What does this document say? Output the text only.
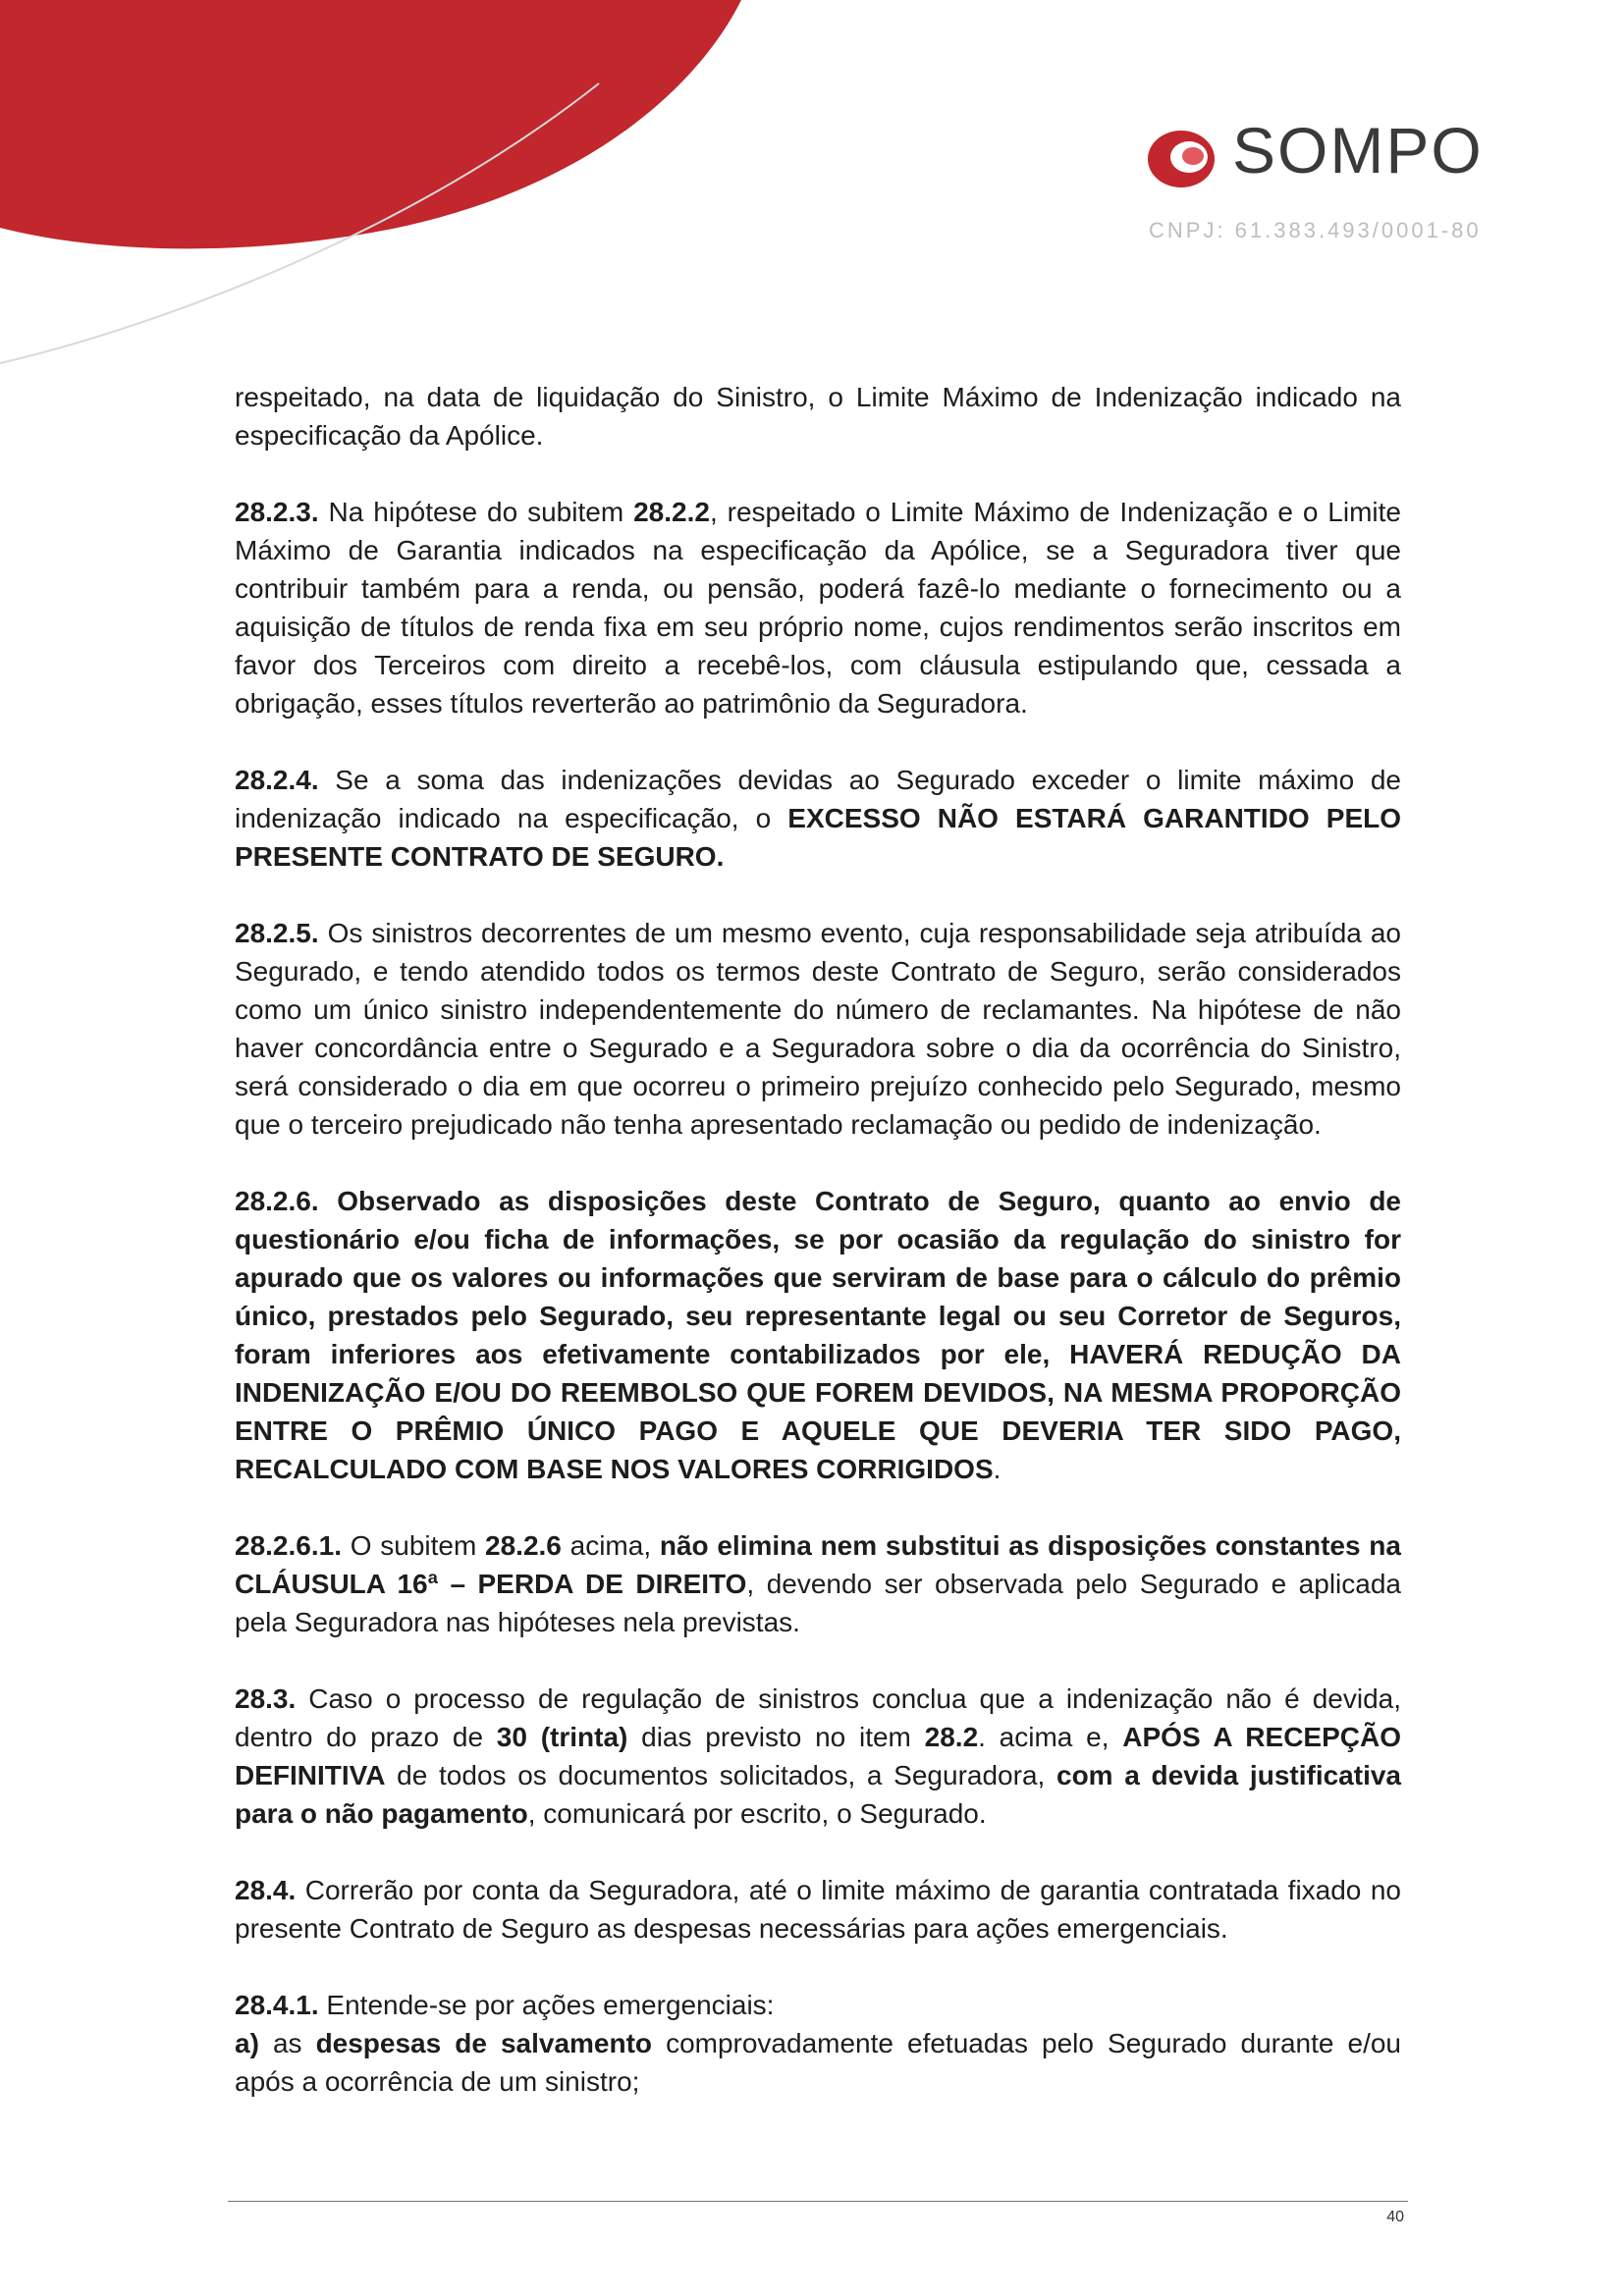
SOMPO
CNPJ: 61.383.493/0001-80

respeitado, na data de liquidação do Sinistro, o Limite Máximo de Indenização indicado na especificação da Apólice.

28.2.3. Na hipótese do subitem 28.2.2, respeitado o Limite Máximo de Indenização e o Limite Máximo de Garantia indicados na especificação da Apólice, se a Seguradora tiver que contribuir também para a renda, ou pensão, poderá fazê-lo mediante o fornecimento ou a aquisição de títulos de renda fixa em seu próprio nome, cujos rendimentos serão inscritos em favor dos Terceiros com direito a recebê-los, com cláusula estipulando que, cessada a obrigação, esses títulos reverterão ao patrimônio da Seguradora.

28.2.4. Se a soma das indenizações devidas ao Segurado exceder o limite máximo de indenização indicado na especificação, o EXCESSO NÃO ESTARÁ GARANTIDO PELO PRESENTE CONTRATO DE SEGURO.

28.2.5. Os sinistros decorrentes de um mesmo evento, cuja responsabilidade seja atribuída ao Segurado, e tendo atendido todos os termos deste Contrato de Seguro, serão considerados como um único sinistro independentemente do número de reclamantes. Na hipótese de não haver concordância entre o Segurado e a Seguradora sobre o dia da ocorrência do Sinistro, será considerado o dia em que ocorreu o primeiro prejuízo conhecido pelo Segurado, mesmo que o terceiro prejudicado não tenha apresentado reclamação ou pedido de indenização.

28.2.6. Observado as disposições deste Contrato de Seguro, quanto ao envio de questionário e/ou ficha de informações, se por ocasião da regulação do sinistro for apurado que os valores ou informações que serviram de base para o cálculo do prêmio único, prestados pelo Segurado, seu representante legal ou seu Corretor de Seguros, foram inferiores aos efetivamente contabilizados por ele, HAVERÁ REDUÇÃO DA INDENIZAÇÃO E/OU DO REEMBOLSO QUE FOREM DEVIDOS, NA MESMA PROPORÇÃO ENTRE O PRÊMIO ÚNICO PAGO E AQUELE QUE DEVERIA TER SIDO PAGO, RECALCULADO COM BASE NOS VALORES CORRIGIDOS.

28.2.6.1. O subitem 28.2.6 acima, não elimina nem substitui as disposições constantes na CLÁUSULA 16ª – PERDA DE DIREITO, devendo ser observada pelo Segurado e aplicada pela Seguradora nas hipóteses nela previstas.

28.3. Caso o processo de regulação de sinistros conclua que a indenização não é devida, dentro do prazo de 30 (trinta) dias previsto no item 28.2. acima e, APÓS A RECEPÇÃO DEFINITIVA de todos os documentos solicitados, a Seguradora, com a devida justificativa para o não pagamento, comunicará por escrito, o Segurado.

28.4. Correrão por conta da Seguradora, até o limite máximo de garantia contratada fixado no presente Contrato de Seguro as despesas necessárias para ações emergenciais.

28.4.1. Entende-se por ações emergenciais:

a) as despesas de salvamento comprovadamente efetuadas pelo Segurado durante e/ou após a ocorrência de um sinistro;

40
